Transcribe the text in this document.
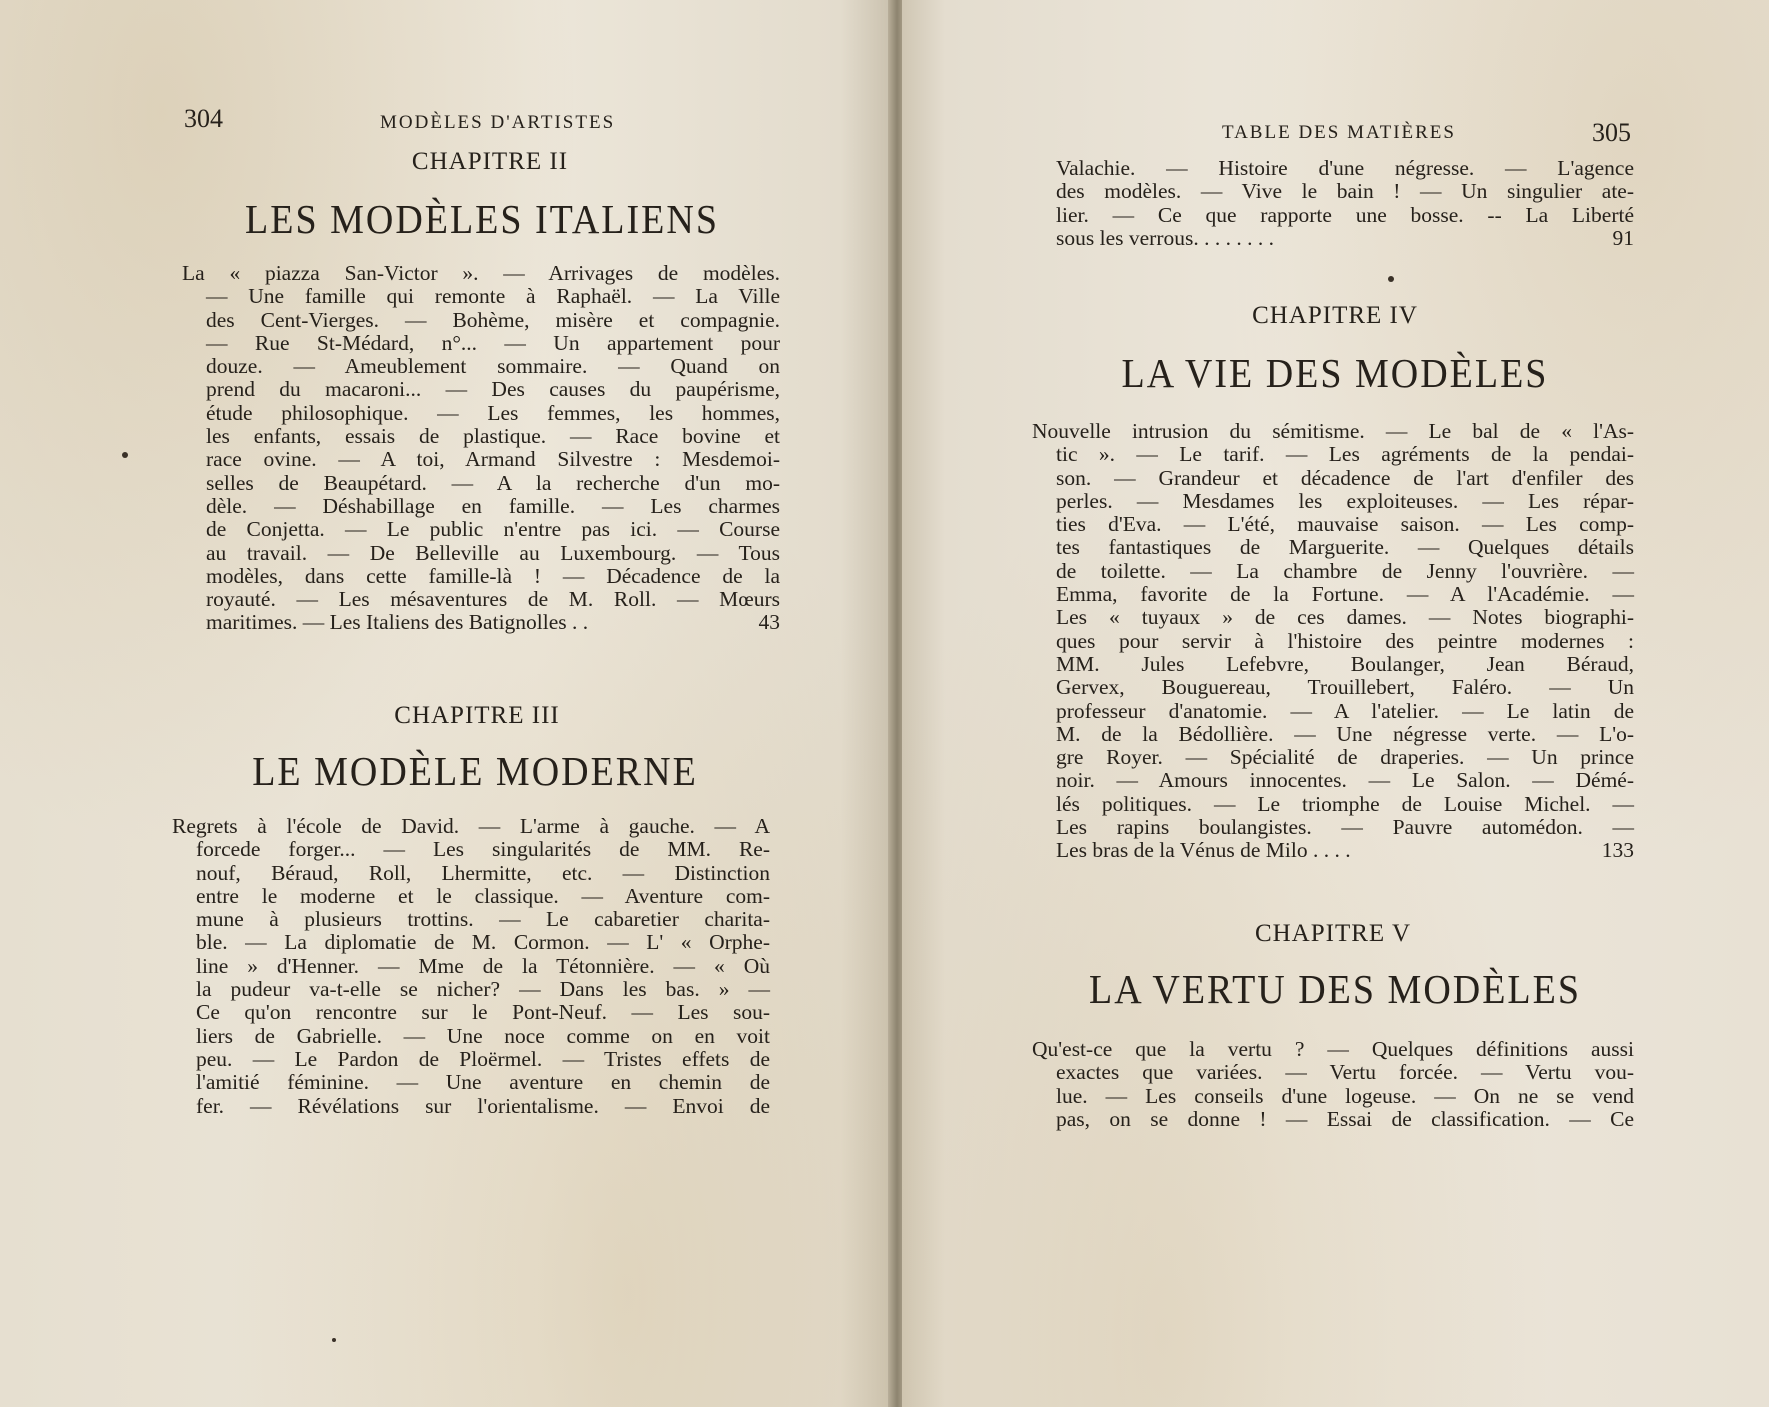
304	MODÈLES D'ARTISTES
CHAPITRE II
LES MODÈLES ITALIENS
La « piazza San-Victor ». — Arrivages de modèles.
— Une famille qui remonte à Raphaël. — La Ville
des Cent-Vierges. — Bohème, misère et compagnie.
— Rue St-Médard, n°... — Un appartement pour
douze. — Ameublement sommaire. — Quand on
prend du macaroni... — Des causes du paupérisme,
étude philosophique. — Les femmes, les hommes,
les enfants, essais de plastique. — Race bovine et
race ovine. — A toi, Armand Silvestre : Mesdemoi-
selles de Beaupétard. — A la recherche d'un mo-
dèle. — Déshabillage en famille. — Les charmes
de Conjetta. — Le public n'entre pas ici. — Course
au travail. — De Belleville au Luxembourg. — Tous
modèles, dans cette famille-là ! — Décadence de la
royauté. — Les mésaventures de M. Roll. — Mœurs
maritimes. — Les Italiens des Batignolles . .	43
CHAPITRE III
LE MODÈLE MODERNE
Regrets à l'école de David. — L'arme à gauche. — A
forcede forger... — Les singularités de MM. Re-
nouf, Béraud, Roll, Lhermitte, etc. — Distinction
entre le moderne et le classique. — Aventure com-
mune à plusieurs trottins. — Le cabaretier charita-
ble. — La diplomatie de M. Cormon. — L' « Orphe-
line » d'Henner. — Mme de la Tétonnière. — « Où
la pudeur va-t-elle se nicher? — Dans les bas. » —
Ce qu'on rencontre sur le Pont-Neuf. — Les sou-
liers de Gabrielle. — Une noce comme on en voit
peu. — Le Pardon de Ploërmel. — Tristes effets de
l'amitié féminine. — Une aventure en chemin de
fer. — Révélations sur l'orientalisme. — Envoi de
TABLE DES MATIÈRES	305
Valachie. — Histoire d'une négresse. — L'agence
des modèles. — Vive le bain ! — Un singulier ate-
lier. — Ce que rapporte une bosse. -- La Liberté
sous les verrous. . . . . . . .	91
CHAPITRE IV
LA VIE DES MODÈLES
Nouvelle intrusion du sémitisme. — Le bal de « l'As-
tic ». — Le tarif. — Les agréments de la pendai-
son. — Grandeur et décadence de l'art d'enfiler des
perles. — Mesdames les exploiteuses. — Les répar-
ties d'Eva. — L'été, mauvaise saison. — Les comp-
tes fantastiques de Marguerite. — Quelques détails
de toilette. — La chambre de Jenny l'ouvrière. —
Emma, favorite de la Fortune. — A l'Académie. —
Les « tuyaux » de ces dames. — Notes biographi-
ques pour servir à l'histoire des peintre modernes :
MM. Jules Lefebvre, Boulanger, Jean Béraud,
Gervex, Bouguereau, Trouillebert, Faléro. — Un
professeur d'anatomie. — A l'atelier. — Le latin de
M. de la Bédollière. — Une négresse verte. — L'o-
gre Royer. — Spécialité de draperies. — Un prince
noir. — Amours innocentes. — Le Salon. — Démé-
lés politiques. — Le triomphe de Louise Michel. —
Les rapins boulangistes. — Pauvre automédon. —
Les bras de la Vénus de Milo . . . .	133
CHAPITRE V
LA VERTU DES MODÈLES
Qu'est-ce que la vertu ? — Quelques définitions aussi
exactes que variées. — Vertu forcée. — Vertu vou-
lue. — Les conseils d'une logeuse. — On ne se vend
pas, on se donne ! — Essai de classification. — Ce
